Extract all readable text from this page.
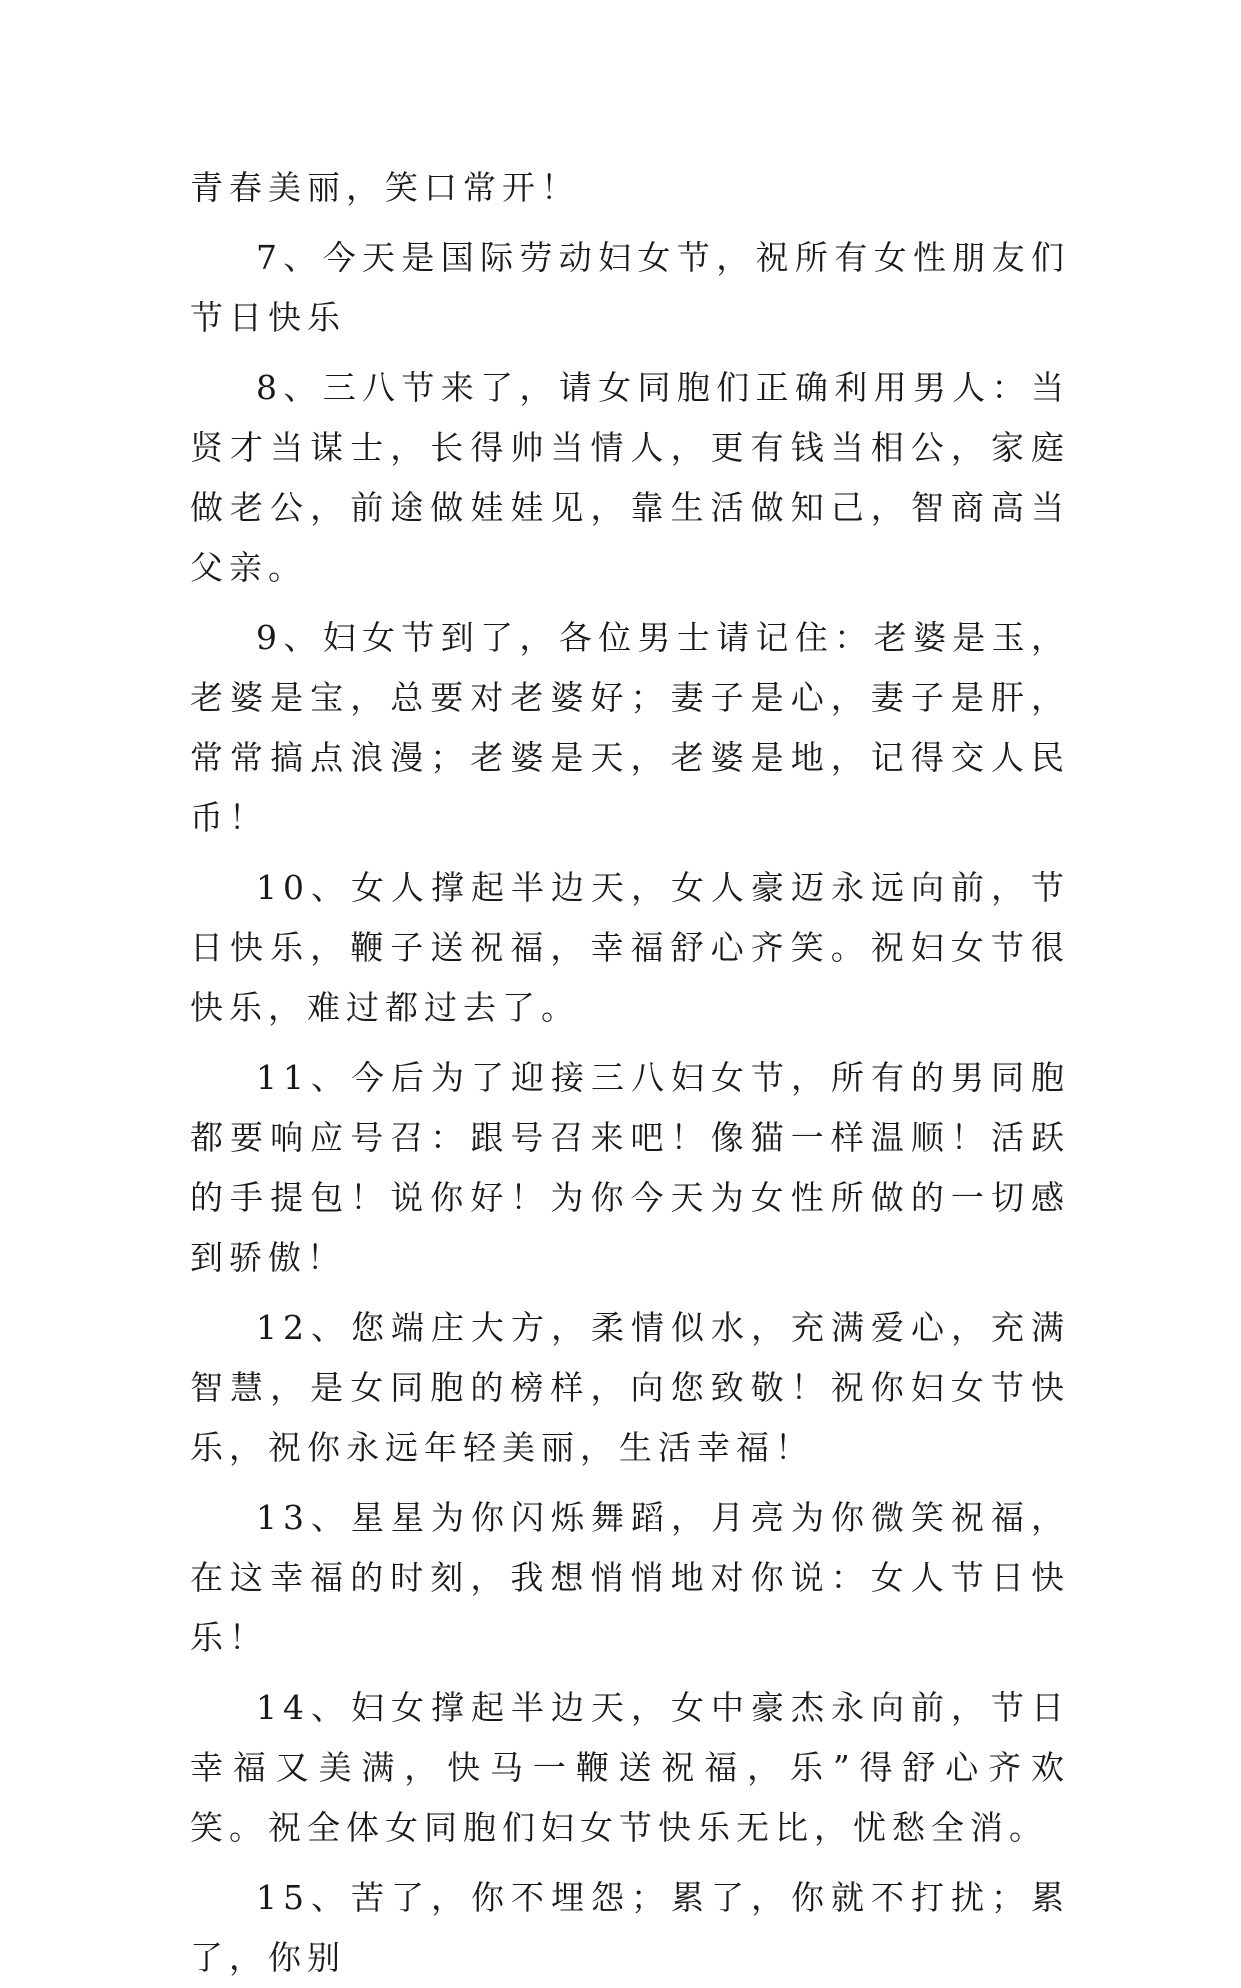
青春美丽，笑口常开！

7、今天是国际劳动妇女节，祝所有女性朋友们节日快乐

8、三八节来了，请女同胞们正确利用男人：当贤才当谋士，长得帅当情人，更有钱当相公，家庭做老公，前途做娃娃见，靠生活做知己，智商高当父亲。

9、妇女节到了，各位男士请记住：老婆是玉，老婆是宝，总要对老婆好；妻子是心，妻子是肝，常常搞点浪漫；老婆是天，老婆是地，记得交人民币！

10、女人撑起半边天，女人豪迈永远向前，节日快乐，鞭子送祝福，幸福舒心齐笑。祝妇女节很快乐，难过都过去了。

11、今后为了迎接三八妇女节，所有的男同胞都要响应号召：跟号召来吧！像猫一样温顺！活跃的手提包！说你好！为你今天为女性所做的一切感到骄傲！

12、您端庄大方，柔情似水，充满爱心，充满智慧，是女同胞的榜样，向您致敬！祝你妇女节快乐，祝你永远年轻美丽，生活幸福！

13、星星为你闪烁舞蹈，月亮为你微笑祝福，在这幸福的时刻，我想悄悄地对你说：女人节日快乐！

14、妇女撑起半边天，女中豪杰永向前，节日幸福又美满，快马一鞭送祝福，乐”得舒心齐欢笑。祝全体女同胞们妇女节快乐无比，忧愁全消。

15、苦了，你不埋怨；累了，你就不打扰；累了，你别
